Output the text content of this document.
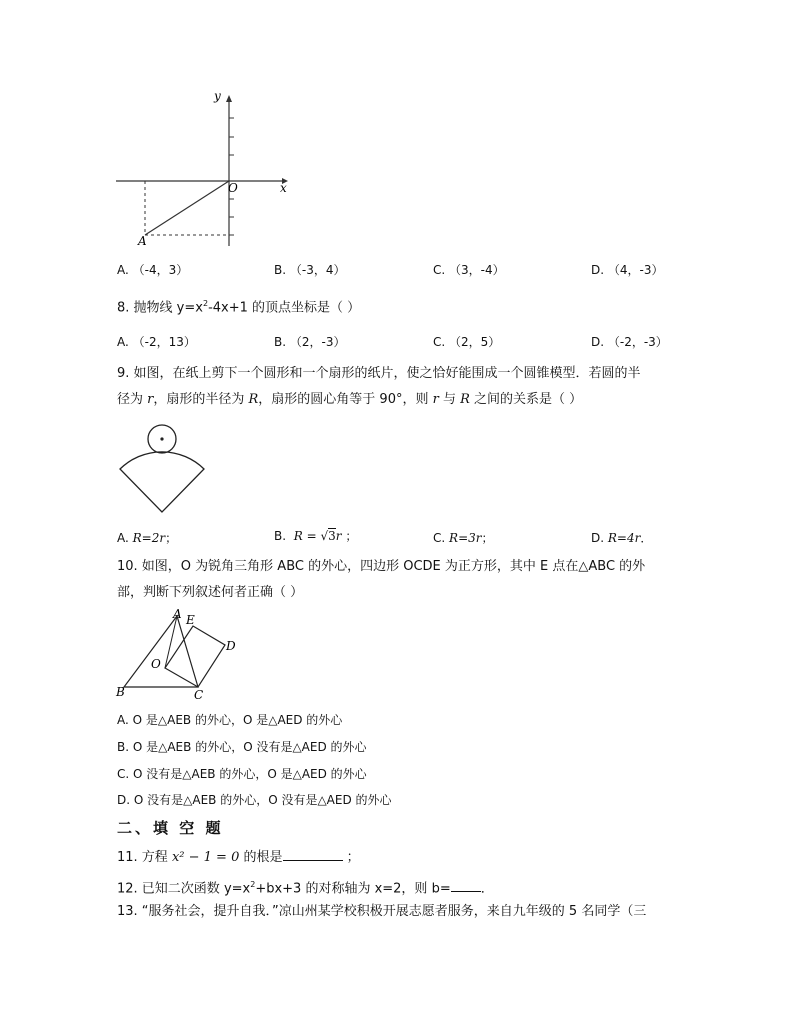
y
x
O
A
A. （-4，3）	B. （-3，4）	C. （3，-4）	D. （4，-3）
8. 抛物线 $y=x^2-4x+1$ 的顶点坐标是（ ）
A. （-2，13）	B. （2，-3）	C. （2，5）	D. （-2，-3）
9. 如图，在纸上剪下一个圆形和一个扇形的纸片，使之恰好能围成一个圆锥模型．若圆的半
径为 r，扇形的半径为 R，扇形的圆心角等于 90°，则 r 与 R 之间的关系是（ ）
A. R=2r；	B. R = √3r ；	C. R=3r；	D. R=4r．
10. 如图，O 为锐角三角形 ABC 的外心，四边形 OCDE 为正方形，其中 E 点在△ABC 的外
部，判断下列叙述何者正确（ ）
A E
D
O
B	C
A. O 是△AEB 的外心，O 是△AED 的外心
B. O 是△AEB 的外心，O 没有是△AED 的外心
C. O 没有是△AEB 的外心，O 是△AED 的外心
D. O 没有是△AEB 的外心，O 没有是△AED 的外心
二、填 空 题
11. 方程 x² − 1 = 0 的根是	；
12. 已知二次函数 $y=x^2+bx+3$ 的对称轴为 x=2，则 b= ．
13. “服务社会，提升自我．”凉山州某学校积极开展志愿者服务，来自九年级的 5 名同学（三
